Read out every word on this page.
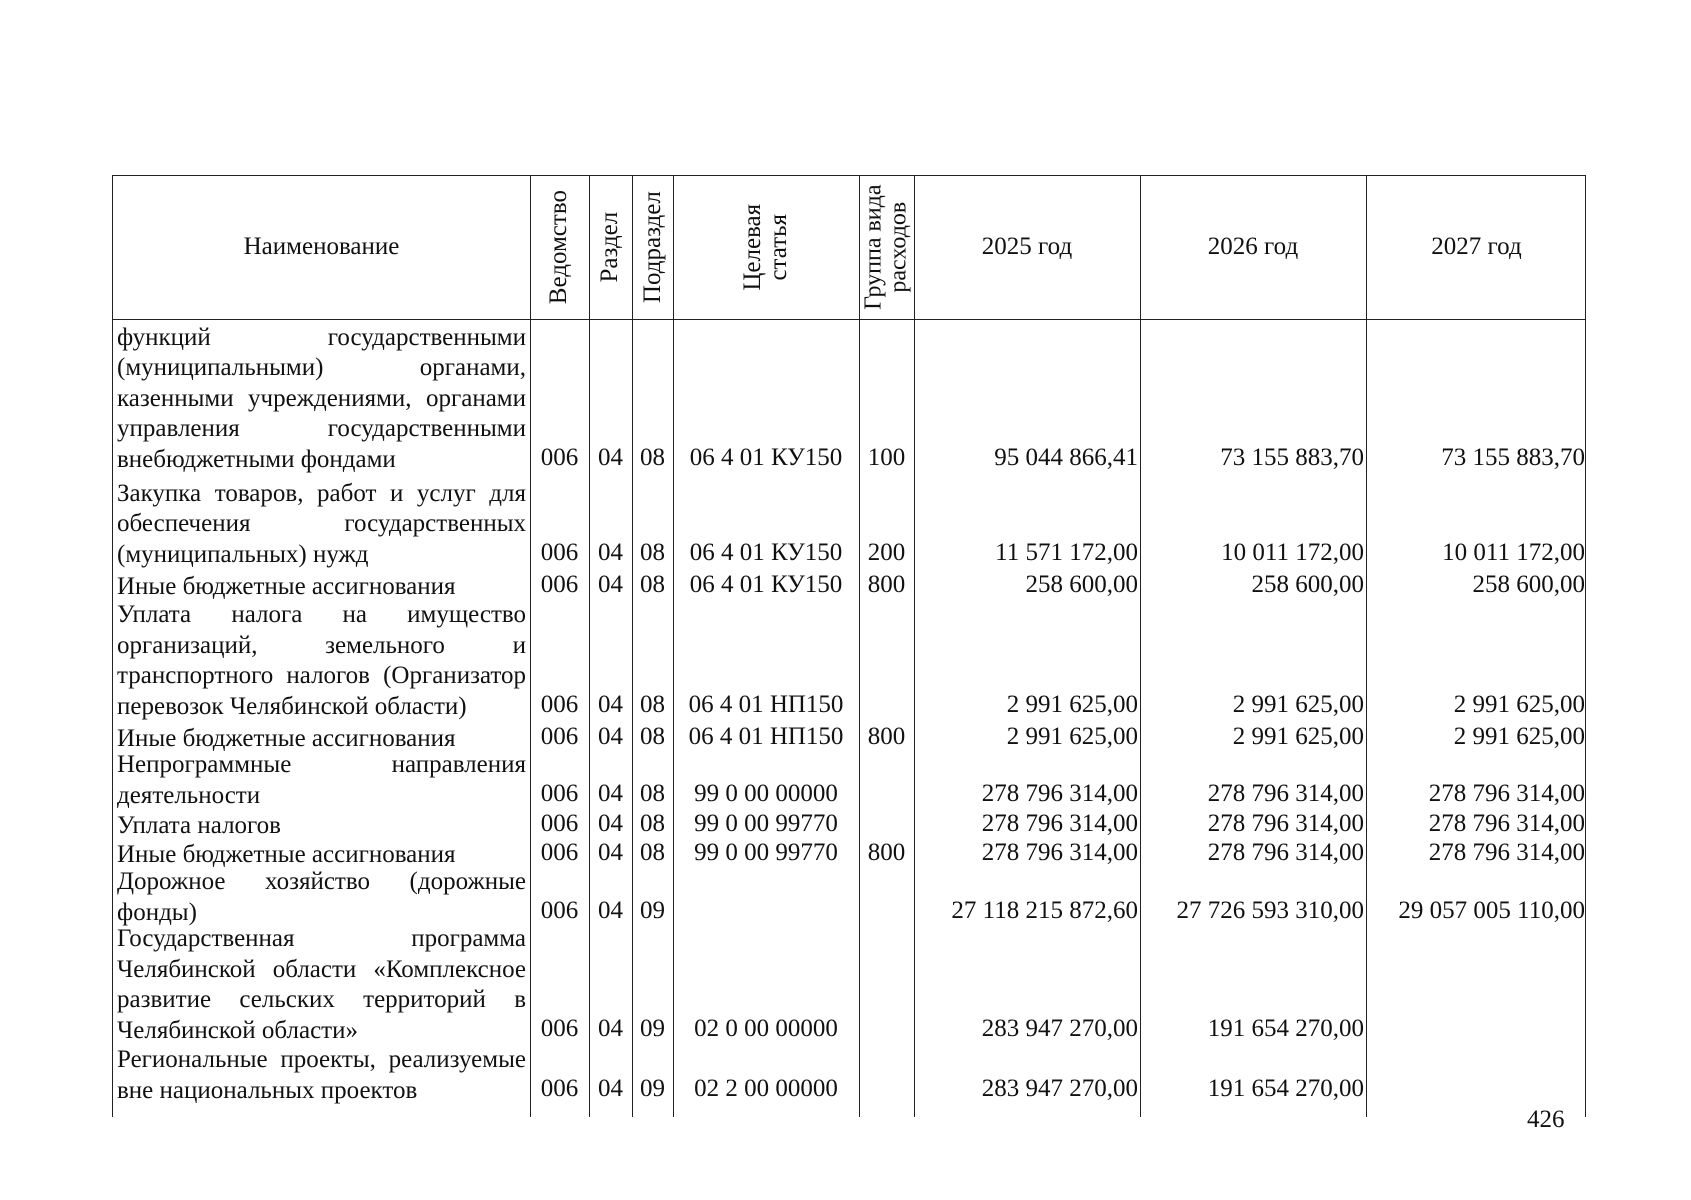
Наименование	Ведомство Раздел Подраздел	Целевая статья	Группа вида расходов	2025 год	2026 год	2027 год
функций государственными (муниципальными) органами, казенными учреждениями, органами управления государственными внебюджетными фондами	006 04 08 06 4 01 КУ150	100	95 044 866,41	73 155 883,70	73 155 883,70
Закупка товаров, работ и услуг для обеспечения государственных (муниципальных) нужд	006 04 08 06 4 01 КУ150	200	11 571 172,00	10 011 172,00	10 011 172,00
Иные бюджетные ассигнования	006 04 08 06 4 01 КУ150	800	258 600,00	258 600,00	258 600,00
Уплата налога на имущество организаций, земельного и транспортного налогов (Организатор перевозок Челябинской области)	006 04 08 06 4 01 НП150	2 991 625,00	2 991 625,00	2 991 625,00
Иные бюджетные ассигнования	006 04 08 06 4 01 НП150 800	2 991 625,00	2 991 625,00	2 991 625,00
Непрограммные направления деятельности	006 04 08	99 0 00 00000	278 796 314,00	278 796 314,00	278 796 314,00
Уплата налогов	006 04 08	99 0 00 99770	278 796 314,00	278 796 314,00	278 796 314,00
Иные бюджетные ассигнования	006 04 08	99 0 00 99770	800	278 796 314,00	278 796 314,00	278 796 314,00
Дорожное хозяйство (дорожные фонды)	006 04 09	27 118 215 872,60	27 726 593 310,00	29 057 005 110,00
Государственная программа Челябинской области «Комплексное развитие сельских территорий в Челябинской области»	006 04 09	02 0 00 00000	283 947 270,00	191 654 270,00
Региональные проекты, реализуемые вне национальных проектов	006 04 09	02 2 00 00000	283 947 270,00	191 654 270,00
426
